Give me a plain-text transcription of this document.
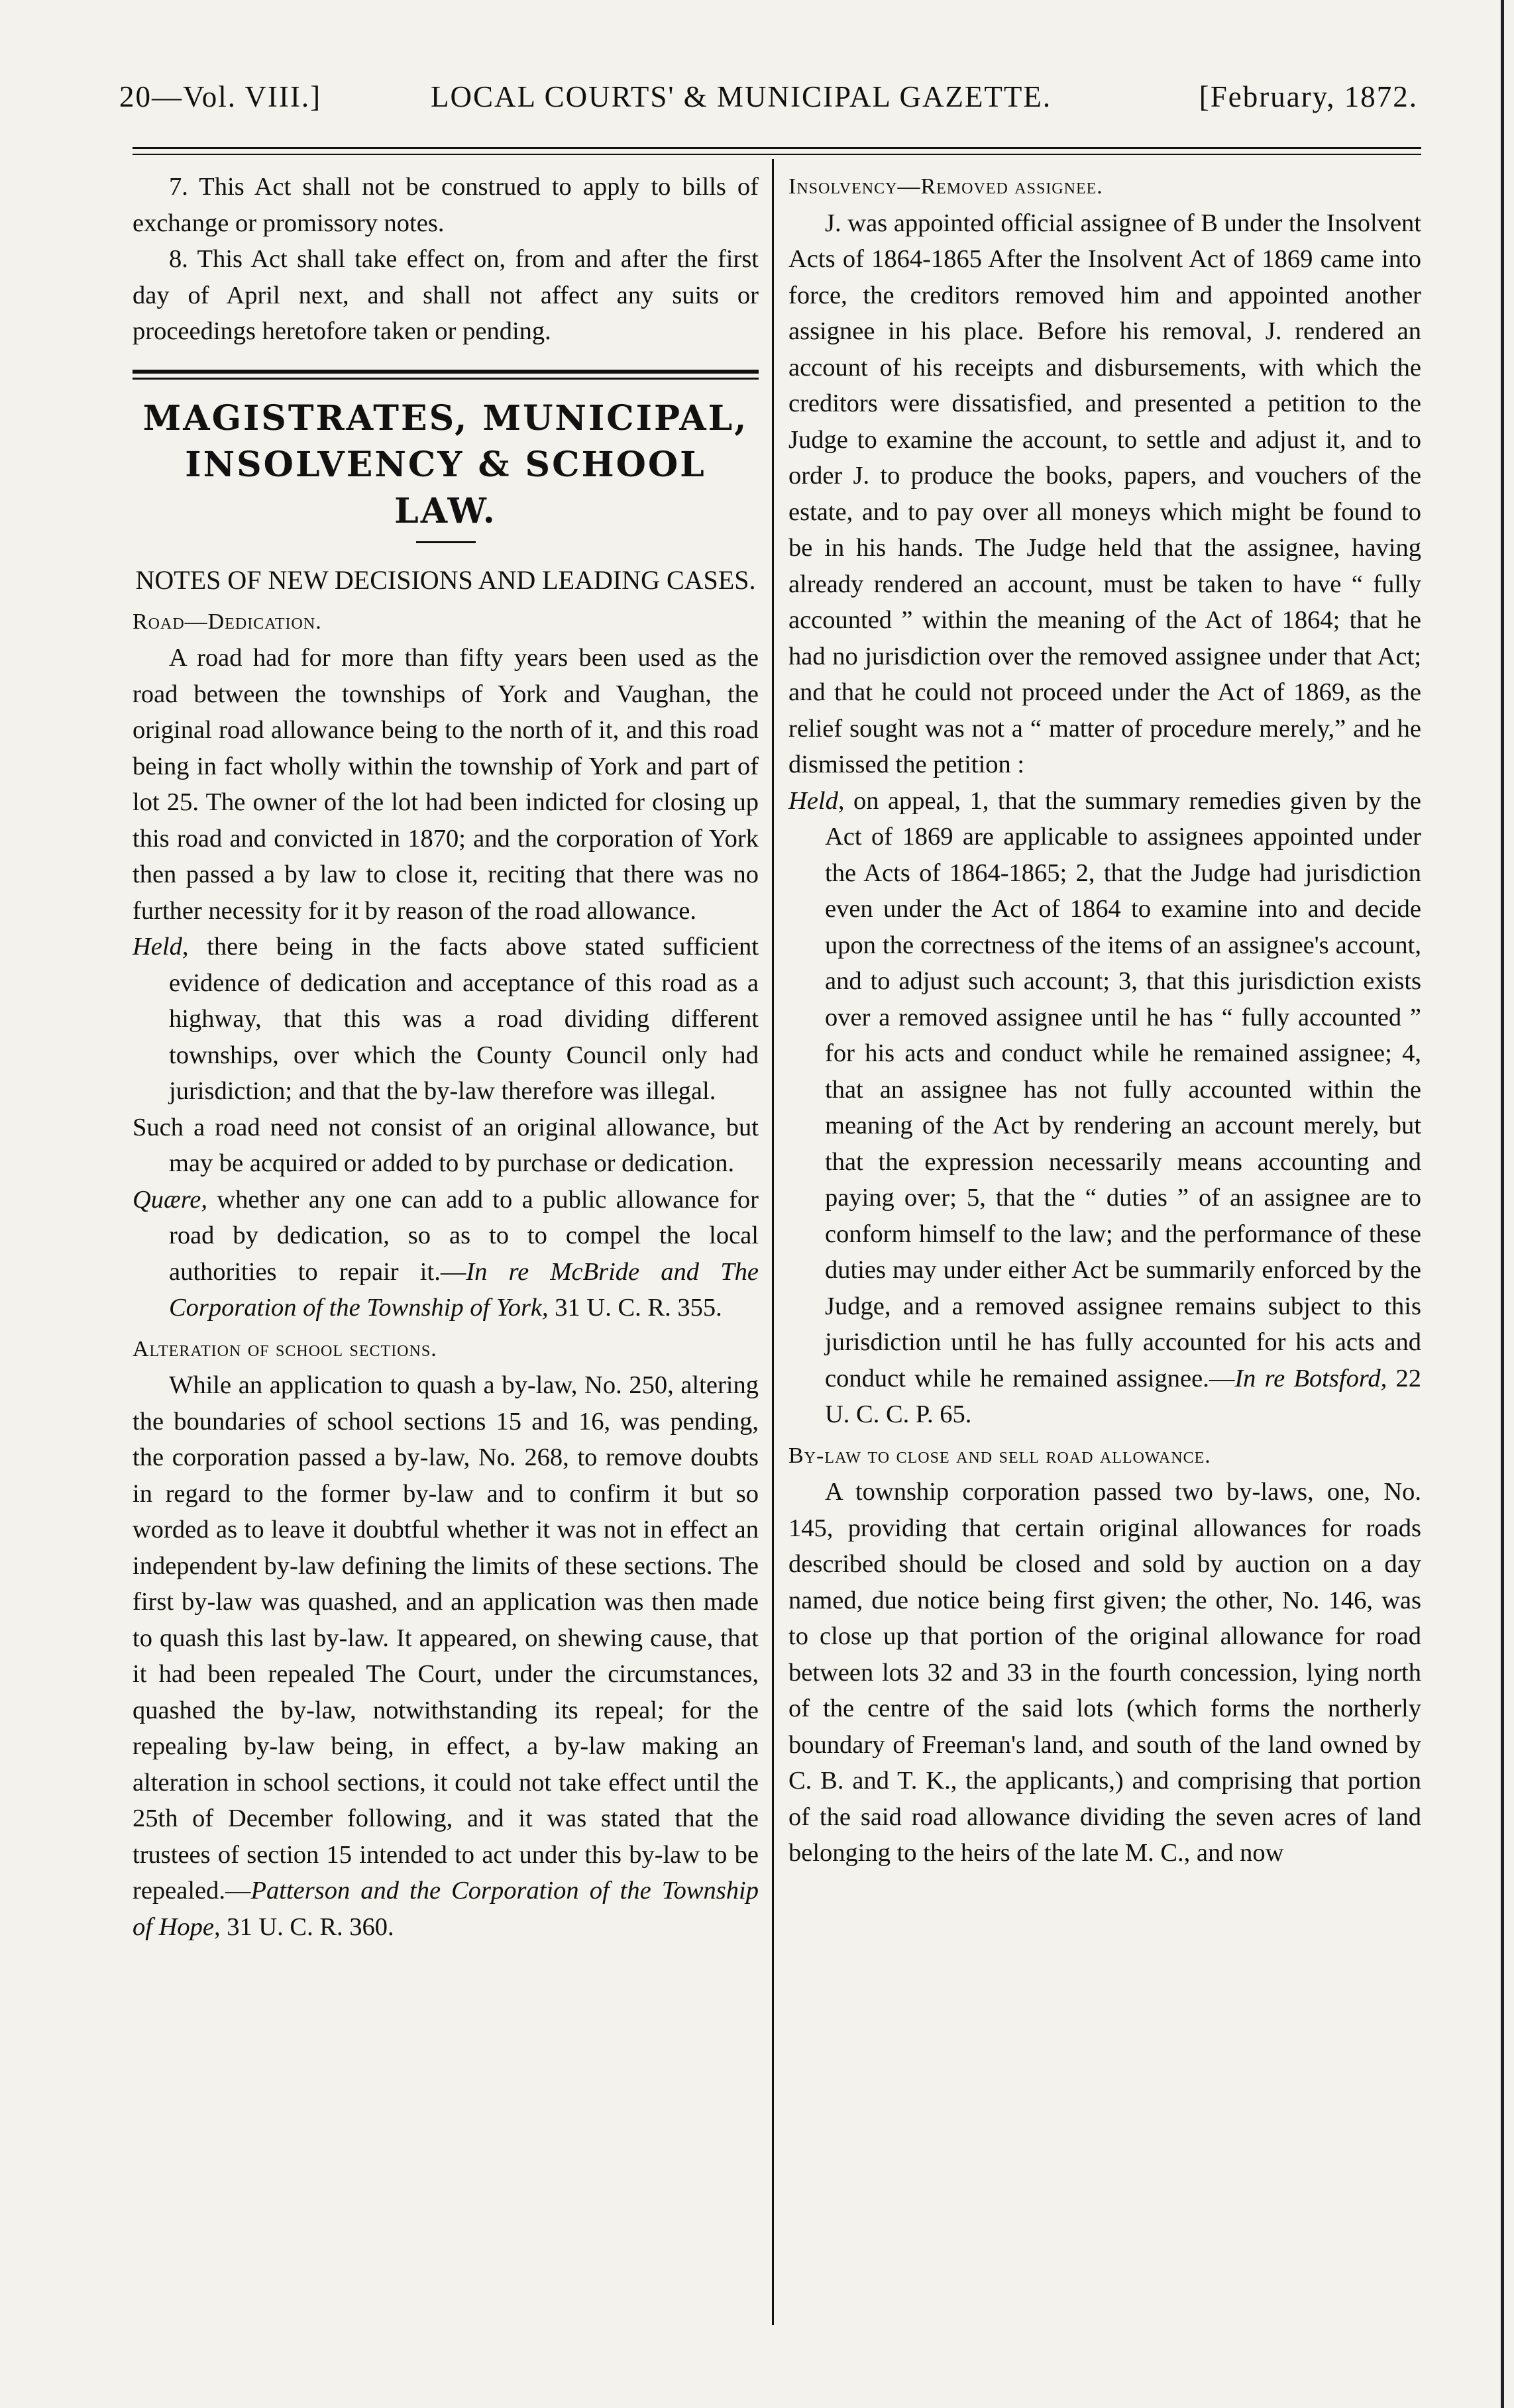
20—Vol. VIII.]	LOCAL COURTS' & MUNICIPAL GAZETTE.	[February, 1872.

7. This Act shall not be construed to apply to bills of exchange or promissory notes.

8. This Act shall take effect on, from and after the first day of April next, and shall not affect any suits or proceedings heretofore taken or pending.

MAGISTRATES, MUNICIPAL,
INSOLVENCY & SCHOOL LAW.
NOTES OF NEW DECISIONS AND LEADING CASES.
Road—Dedication.

A road had for more than fifty years been used as the road between the townships of York and Vaughan, the original road allowance being to the north of it, and this road being in fact wholly within the township of York and part of lot 25. The owner of the lot had been indicted for closing up this road and convicted in 1870; and the corporation of York then passed a by law to close it, reciting that there was no further necessity for it by reason of the road allowance.

Held, there being in the facts above stated sufficient evidence of dedication and acceptance of this road as a highway, that this was a road dividing different townships, over which the County Council only had jurisdiction; and that the by-law therefore was illegal.

Such a road need not consist of an original allowance, but may be acquired or added to by purchase or dedication.

Quære, whether any one can add to a public allowance for road by dedication, so as to to compel the local authorities to repair it.—In re McBride and The Corporation of the Township of York, 31 U. C. R. 355.

Alteration of school sections.

While an application to quash a by-law, No. 250, altering the boundaries of school sections 15 and 16, was pending, the corporation passed a by-law, No. 268, to remove doubts in regard to the former by-law and to confirm it but so worded as to leave it doubtful whether it was not in effect an independent by-law defining the limits of these sections. The first by-law was quashed, and an application was then made to quash this last by-law. It appeared, on shewing cause, that it had been repealed The Court, under the circumstances, quashed the by-law, notwithstanding its repeal; for the repealing by-law being, in effect, a by-law making an alteration in school sections, it could not take effect until the 25th of December following, and it was stated that the trustees of section 15 intended to act under this by-law to be repealed.—Patterson and the Corporation of the Township of Hope, 31 U. C. R. 360.

Insolvency—Removed assignee.

J. was appointed official assignee of B under the Insolvent Acts of 1864-1865 After the Insolvent Act of 1869 came into force, the creditors removed him and appointed another assignee in his place. Before his removal, J. rendered an account of his receipts and disbursements, with which the creditors were dissatisfied, and presented a petition to the Judge to examine the account, to settle and adjust it, and to order J. to produce the books, papers, and vouchers of the estate, and to pay over all moneys which might be found to be in his hands. The Judge held that the assignee, having already rendered an account, must be taken to have “ fully accounted ” within the meaning of the Act of 1864; that he had no jurisdiction over the removed assignee under that Act; and that he could not proceed under the Act of 1869, as the relief sought was not a “ matter of procedure merely,” and he dismissed the petition :

Held, on appeal, 1, that the summary remedies given by the Act of 1869 are applicable to assignees appointed under the Acts of 1864-1865; 2, that the Judge had jurisdiction even under the Act of 1864 to examine into and decide upon the correctness of the items of an assignee's account, and to adjust such account; 3, that this jurisdiction exists over a removed assignee until he has “ fully accounted ” for his acts and conduct while he remained assignee; 4, that an assignee has not fully accounted within the meaning of the Act by rendering an account merely, but that the expression necessarily means accounting and paying over; 5, that the “ duties ” of an assignee are to conform himself to the law; and the performance of these duties may under either Act be summarily enforced by the Judge, and a removed assignee remains subject to this jurisdiction until he has fully accounted for his acts and conduct while he remained assignee.—In re Botsford, 22 U. C. C. P. 65.

By-law to close and sell road allowance.

A township corporation passed two by-laws, one, No. 145, providing that certain original allowances for roads described should be closed and sold by auction on a day named, due notice being first given; the other, No. 146, was to close up that portion of the original allowance for road between lots 32 and 33 in the fourth concession, lying north of the centre of the said lots (which forms the northerly boundary of Freeman's land, and south of the land owned by C. B. and T. K., the applicants,) and comprising that portion of the said road allowance dividing the seven acres of land belonging to the heirs of the late M. C., and now
